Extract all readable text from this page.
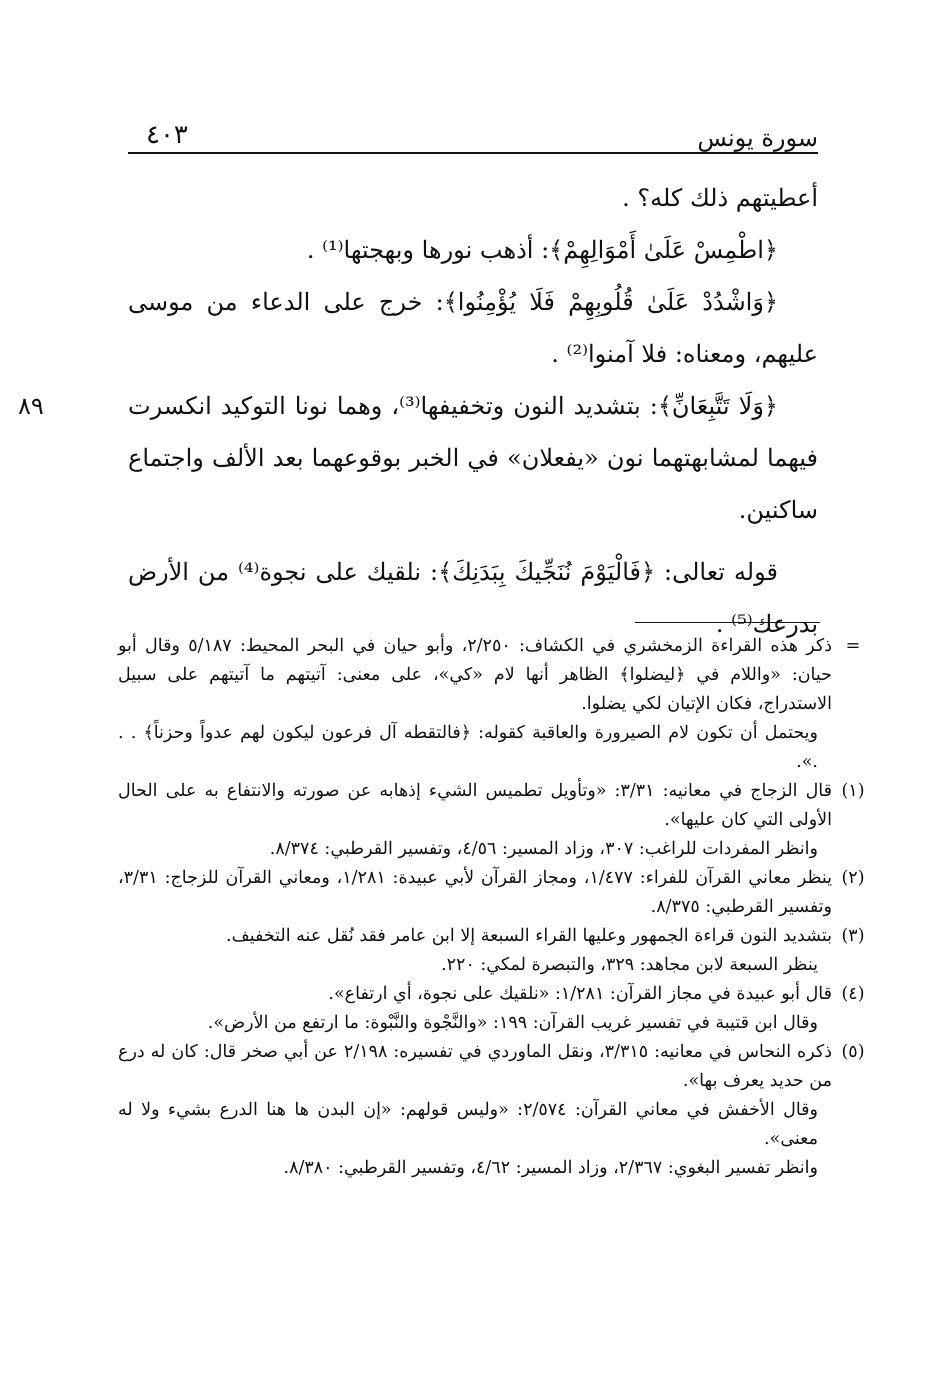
٤٠٣	سورة يونس

أعطيتهم ذلك كله؟ .

﴿اطْمِسْ عَلَىٰ أَمْوَالِهِمْ﴾: أذهب نورها وبهجتها⁽¹⁾ .

﴿وَاشْدُدْ عَلَىٰ قُلُوبِهِمْ فَلَا يُؤْمِنُوا﴾: خرج على الدعاء من موسى عليهم، ومعناه: فلا آمنوا⁽²⁾ .

٨٩	﴿وَلَا تَتَّبِعَانِّ﴾: بتشديد النون وتخفيفها⁽³⁾، وهما نونا التوكيد انكسرت فيهما لمشابهتهما نون «يفعلان» في الخبر بوقوعهما بعد الألف واجتماع ساكنين.

قوله تعالى: ﴿فَالْيَوْمَ نُنَجِّيكَ بِبَدَنِكَ﴾: نلقيك على نجوة⁽⁴⁾ من الأرض بدرعك⁽⁵⁾ .

=

ذكر هذه القراءة الزمخشري في الكشاف: ٢/٢٥٠، وأبو حيان في البحر المحيط: ٥/١٨٧ وقال أبو حيان: «واللام في ﴿ليضلوا﴾ الظاهر أنها لام «كي»، على معنى: آتيتهم ما آتيتهم على سبيل الاستدراج، فكان الإتيان لكي يضلوا.

ويحتمل أن تكون لام الصيرورة والعاقبة كقوله: ﴿فالتقطه آل فرعون ليكون لهم عدواً وحزناً﴾ . . .».

(١)

قال الزجاج في معانيه: ٣/٣١: «وتأويل تطميس الشيء إذهابه عن صورته والانتفاع به على الحال الأولى التي كان عليها».

وانظر المفردات للراغب: ٣٠٧، وزاد المسير: ٤/٥٦، وتفسير القرطبي: ٨/٣٧٤.

(٢)

ينظر معاني القرآن للفراء: ١/٤٧٧، ومجاز القرآن لأبي عبيدة: ١/٢٨١، ومعاني القرآن للزجاج: ٣/٣١، وتفسير القرطبي: ٨/٣٧٥.

(٣)

بتشديد النون قراءة الجمهور وعليها القراء السبعة إلا ابن عامر فقد نُقل عنه التخفيف.

ينظر السبعة لابن مجاهد: ٣٢٩، والتبصرة لمكي: ٢٢٠.

(٤)

قال أبو عبيدة في مجاز القرآن: ١/٢٨١: «نلقيك على نجوة، أي ارتفاع».

وقال ابن قتيبة في تفسير غريب القرآن: ١٩٩: «والنَّجْوة والنَّبْوة: ما ارتفع من الأرض».

(٥)

ذكره النحاس في معانيه: ٣/٣١٥، ونقل الماوردي في تفسيره: ٢/١٩٨ عن أبي صخر قال: كان له درع من حديد يعرف بها».

وقال الأخفش في معاني القرآن: ٢/٥٧٤: «وليس قولهم: «إن البدن ها هنا الدرع بشيء ولا له معنى».

وانظر تفسير البغوي: ٢/٣٦٧، وزاد المسير: ٤/٦٢، وتفسير القرطبي: ٨/٣٨٠.
